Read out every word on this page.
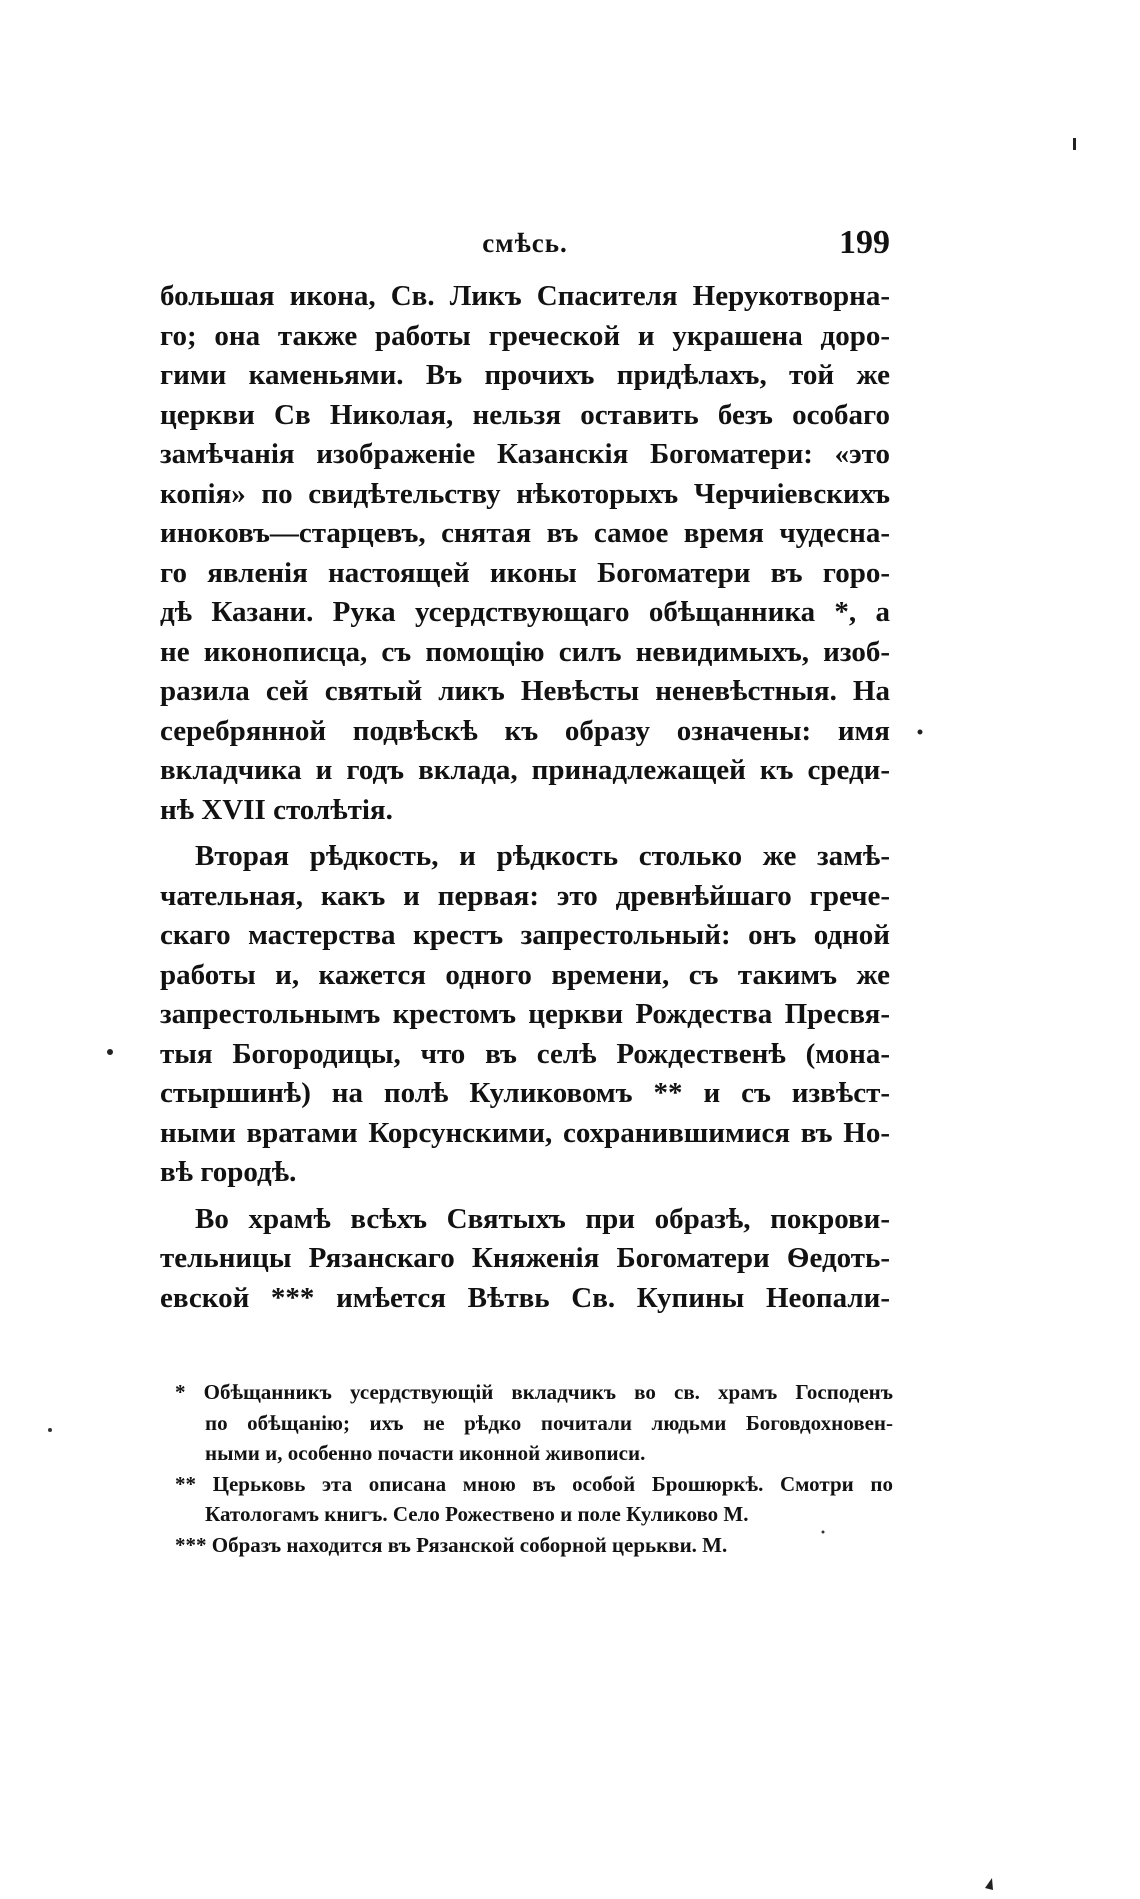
смѣсь.	199
большая икона, Св. Ликъ Спасителя Нерукотворна-
го; она также работы греческой и украшена доро-
гими каменьями. Въ прочихъ придѣлахъ, той же
церкви Св Николая, нельзя оставить безъ особаго
замѣчанія изображеніе Казанскія Богоматери: «это
копія» по свидѣтельству нѣкоторыхъ Черчиіевскихъ
иноковъ—старцевъ, снятая въ самое время чудесна-
го явленія настоящей иконы Богоматери въ горо-
дѣ Казани. Рука усердствующаго обѣщанника *, а
не иконописца, съ помощію силъ невидимыхъ, изоб-
разила сей святый ликъ Невѣсты неневѣстныя. На
серебрянной подвѣскѣ къ образу означены: имя
вкладчика и годъ вклада, принадлежащей къ среди-
нѣ XVII столѣтія.
Вторая рѣдкость, и рѣдкость столько же замѣ-
чательная, какъ и первая: это древнѣйшаго грече-
скаго мастерства крестъ запрестольный: онъ одной
работы и, кажется одного времени, съ такимъ же
запрестольнымъ крестомъ церкви Рождества Пресвя-
тыя Богородицы, что въ селѣ Рождественѣ (мона-
стыршинѣ) на полѣ Куликовомъ ** и съ извѣст-
ными вратами Корсунскими, сохранившимися въ Но-
вѣ городѣ.
Во храмѣ всѣхъ Святыхъ при образѣ, покрови-
тельницы Рязанскаго Княженія Богоматери Ѳедоть-
евской *** имѣется Вѣтвь Св. Купины Неопали-
* Обѣщанникъ усердствующій вкладчикъ во св. храмъ Господенъ
по обѣщанію; ихъ не рѣдко почитали людьми Боговдохновен-
ными и, особенно почасти иконной живописи.
** Церьковь эта описана мною въ особой Брошюркѣ. Смотри по
Катологамъ книгъ. Село Рожествено и поле Куликово М.
*** Образъ находится въ Рязанской соборной церькви. М.
